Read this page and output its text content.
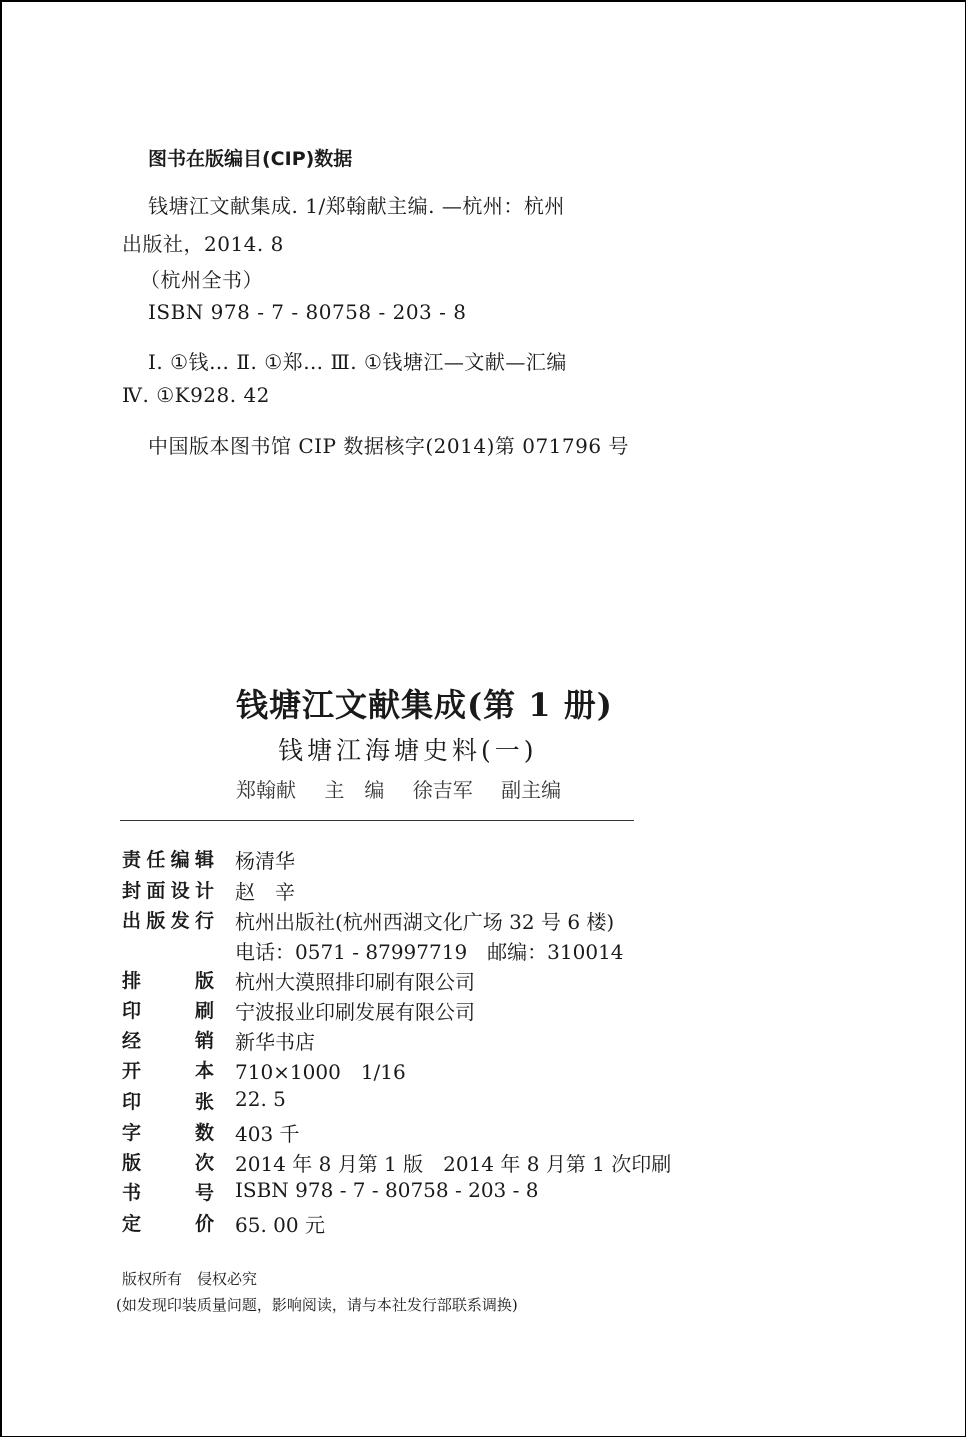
图书在版编目(CIP)数据
钱塘江文献集成. 1/郑翰献主编. —杭州：杭州
出版社，2014. 8
（杭州全书）
ISBN 978 - 7 - 80758 - 203 - 8
Ⅰ. ①钱… Ⅱ. ①郑… Ⅲ. ①钱塘江—文献—汇编
Ⅳ. ①K928. 42
中国版本图书馆 CIP 数据核字(2014)第 071796 号
钱塘江文献集成(第 1 册)
钱塘江海塘史料(一)
郑翰献 主　编 徐吉军 副主编
责任编辑 杨清华
封面设计 赵　辛
出版发行 杭州出版社(杭州西湖文化广场 32 号 6 楼)
电话：0571 - 87997719　邮编：310014
排版 杭州大漠照排印刷有限公司
印刷 宁波报业印刷发展有限公司
经销 新华书店
开本 710×1000　1/16
印张 22. 5
字数 403 千
版次 2014 年 8 月第 1 版　2014 年 8 月第 1 次印刷
书号 ISBN 978 - 7 - 80758 - 203 - 8
定价 65. 00 元
版权所有　侵权必究
(如发现印装质量问题，影响阅读，请与本社发行部联系调换)
